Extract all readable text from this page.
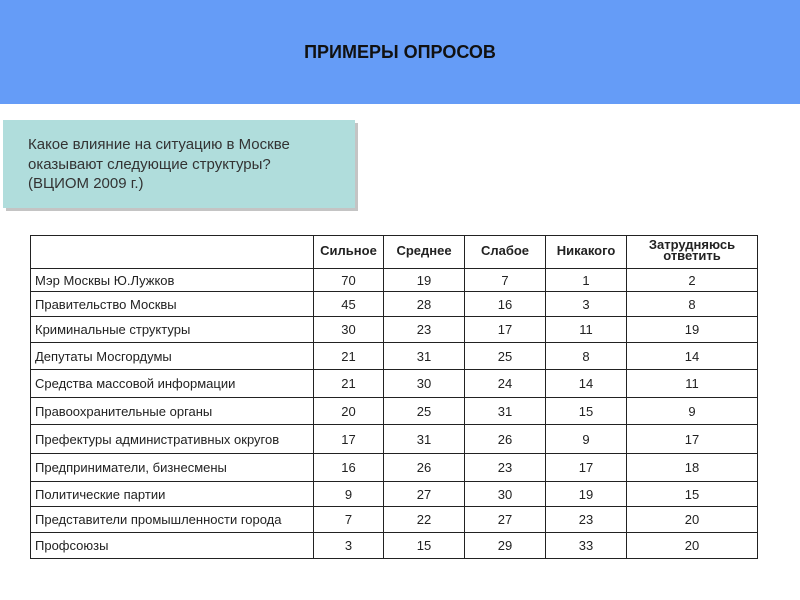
ПРИМЕРЫ ОПРОСОВ
Какое влияние на ситуацию в Москве
оказывают следующие структуры?
(ВЦИОМ 2009 г.)
	Сильное	Среднее	Слабое	Никакого	Затрудняюсь ответить
Мэр Москвы Ю.Лужков	70	19	7	1	2
Правительство Москвы	45	28	16	3	8
Криминальные структуры	30	23	17	11	19
Депутаты Мосгордумы	21	31	25	8	14
Средства массовой информации	21	30	24	14	11
Правоохранительные органы	20	25	31	15	9
Префектуры административных округов	17	31	26	9	17
Предприниматели, бизнесмены	16	26	23	17	18
Политические партии	9	27	30	19	15
Представители промышленности города	7	22	27	23	20
Профсоюзы	3	15	29	33	20
